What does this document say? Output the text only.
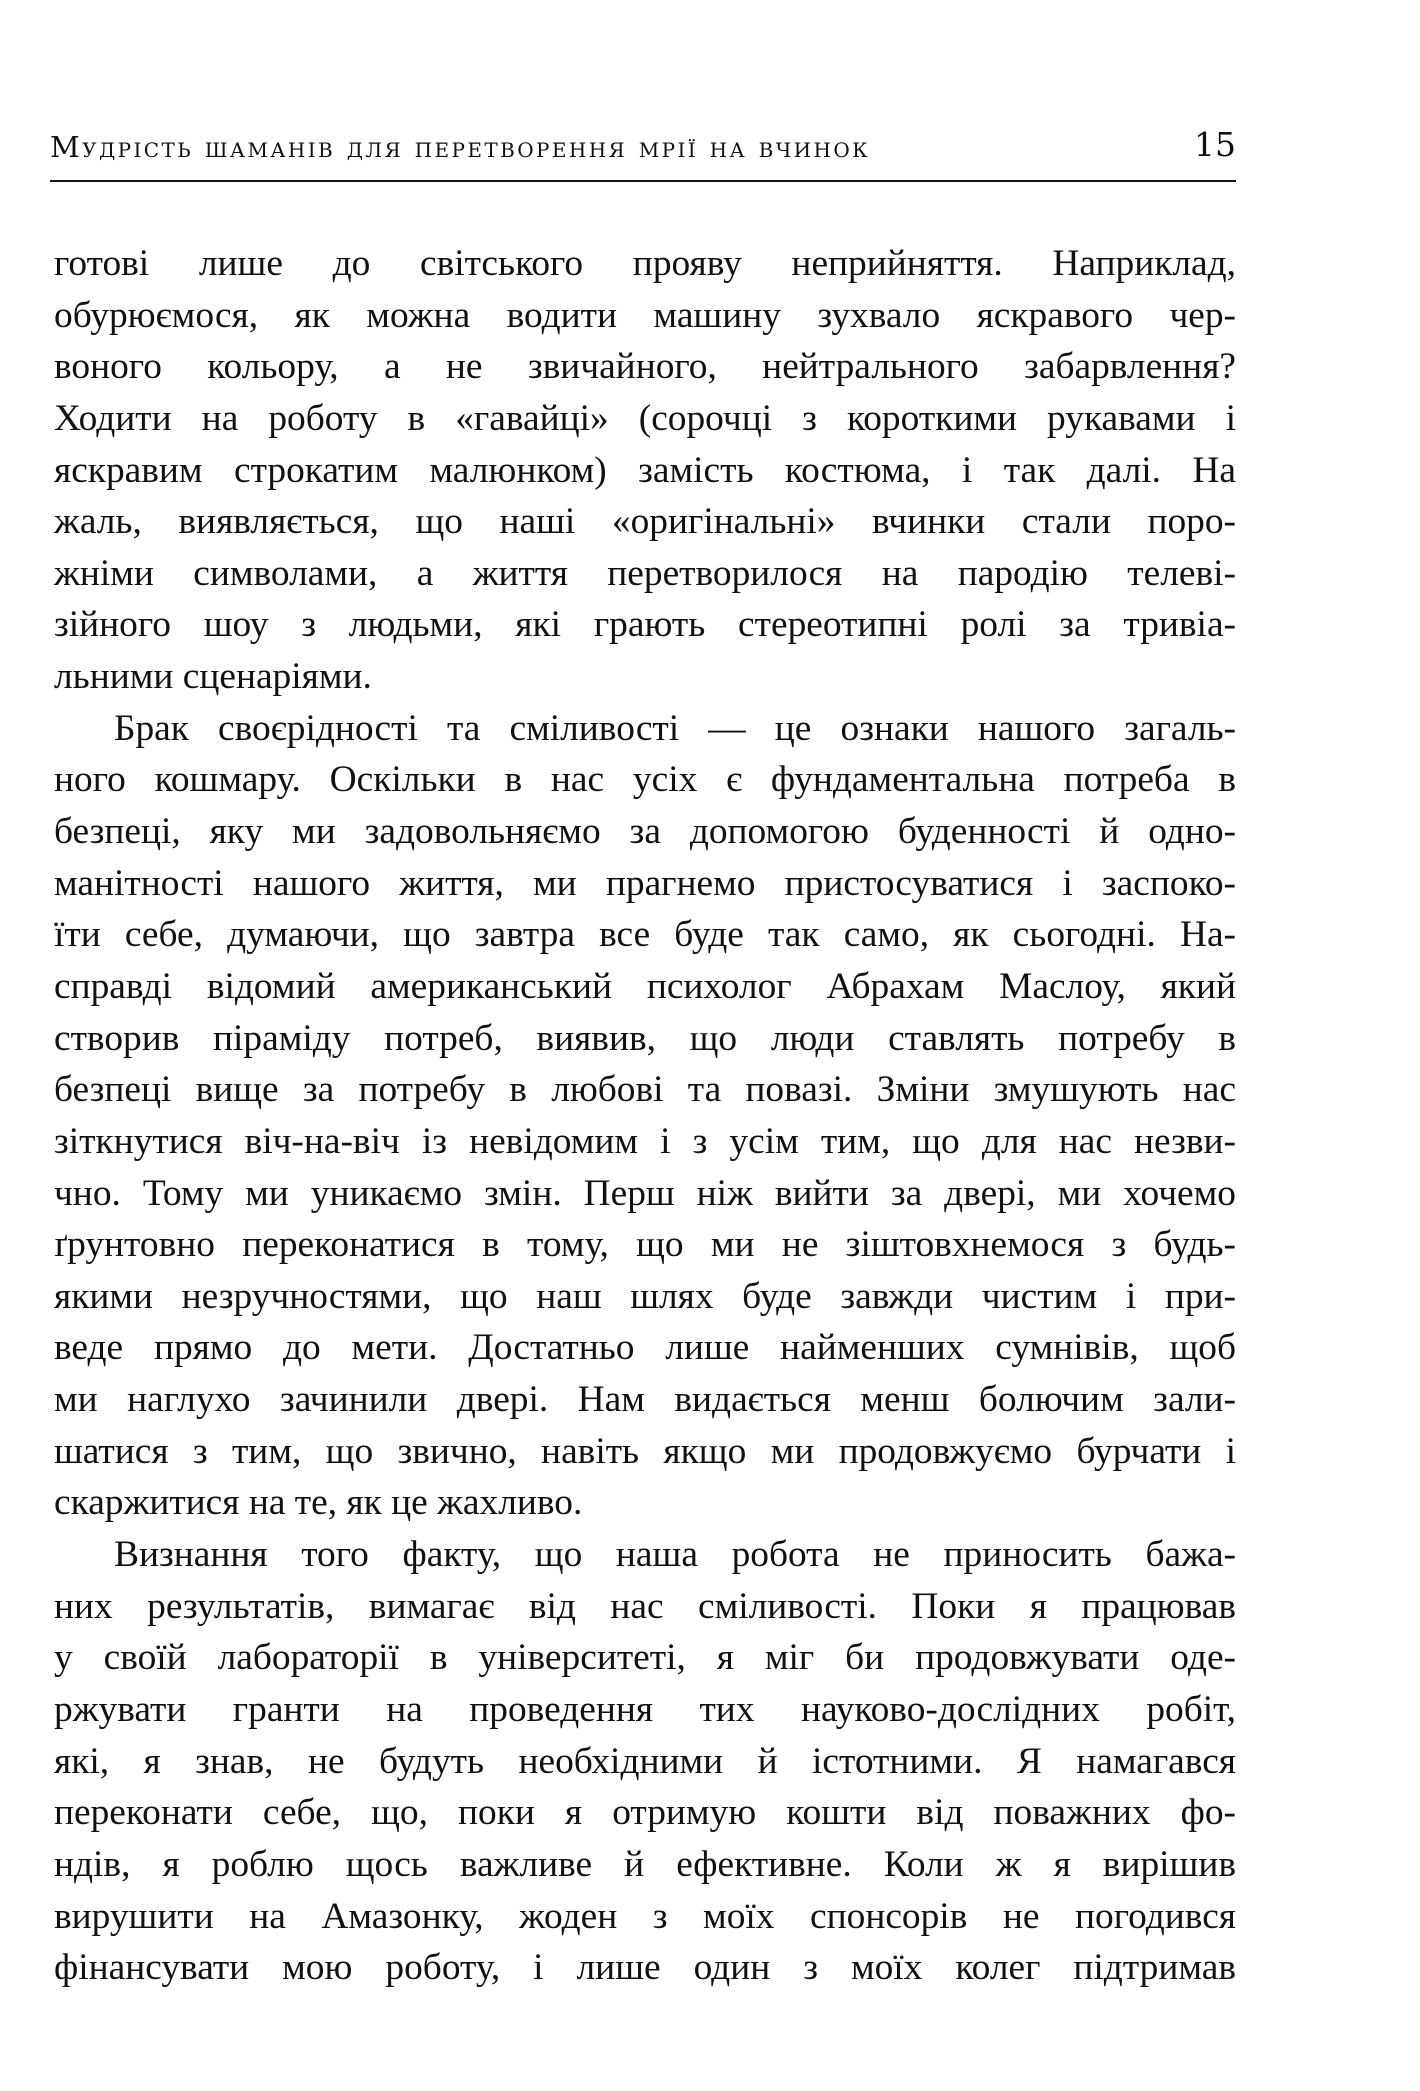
Мудрість шаманів для перетворення мрії на вчинок	15
готові лише до світського прояву неприйняття. Наприклад,
обурюємося, як можна водити машину зухвало яскравого чер-
воного кольору, а не звичайного, нейтрального забарвлення?
Ходити на роботу в «гавайці» (сорочці з короткими рукавами і
яскравим строкатим малюнком) замість костюма, і так далі. На
жаль, виявляється, що наші «оригінальні» вчинки стали поро-
жніми символами, а життя перетворилося на пародію телеві-
зійного шоу з людьми, які грають стереотипні ролі за тривіа-
льними сценаріями.
Брак своєрідності та сміливості — це ознаки нашого загаль-
ного кошмару. Оскільки в нас усіх є фундаментальна потреба в
безпеці, яку ми задовольняємо за допомогою буденності й одно-
манітності нашого життя, ми прагнемо пристосуватися і заспоко-
їти себе, думаючи, що завтра все буде так само, як сьогодні. На-
справді відомий американський психолог Абрахам Маслоу, який
створив піраміду потреб, виявив, що люди ставлять потребу в
безпеці вище за потребу в любові та повазі. Зміни змушують нас
зіткнутися віч-на-віч із невідомим і з усім тим, що для нас незви-
чно. Тому ми уникаємо змін. Перш ніж вийти за двері, ми хочемо
ґрунтовно переконатися в тому, що ми не зіштовхнемося з будь-
якими незручностями, що наш шлях буде завжди чистим і при-
веде прямо до мети. Достатньо лише найменших сумнівів, щоб
ми наглухо зачинили двері. Нам видається менш болючим зали-
шатися з тим, що звично, навіть якщо ми продовжуємо бурчати і
скаржитися на те, як це жахливо.
Визнання того факту, що наша робота не приносить бажа-
них результатів, вимагає від нас сміливості. Поки я працював
у своїй лабораторії в університеті, я міг би продовжувати оде-
ржувати гранти на проведення тих науково-дослідних робіт,
які, я знав, не будуть необхідними й істотними. Я намагався
переконати себе, що, поки я отримую кошти від поважних фо-
ндів, я роблю щось важливе й ефективне. Коли ж я вирішив
вирушити на Амазонку, жоден з моїх спонсорів не погодився
фінансувати мою роботу, і лише один з моїх колег підтримав
